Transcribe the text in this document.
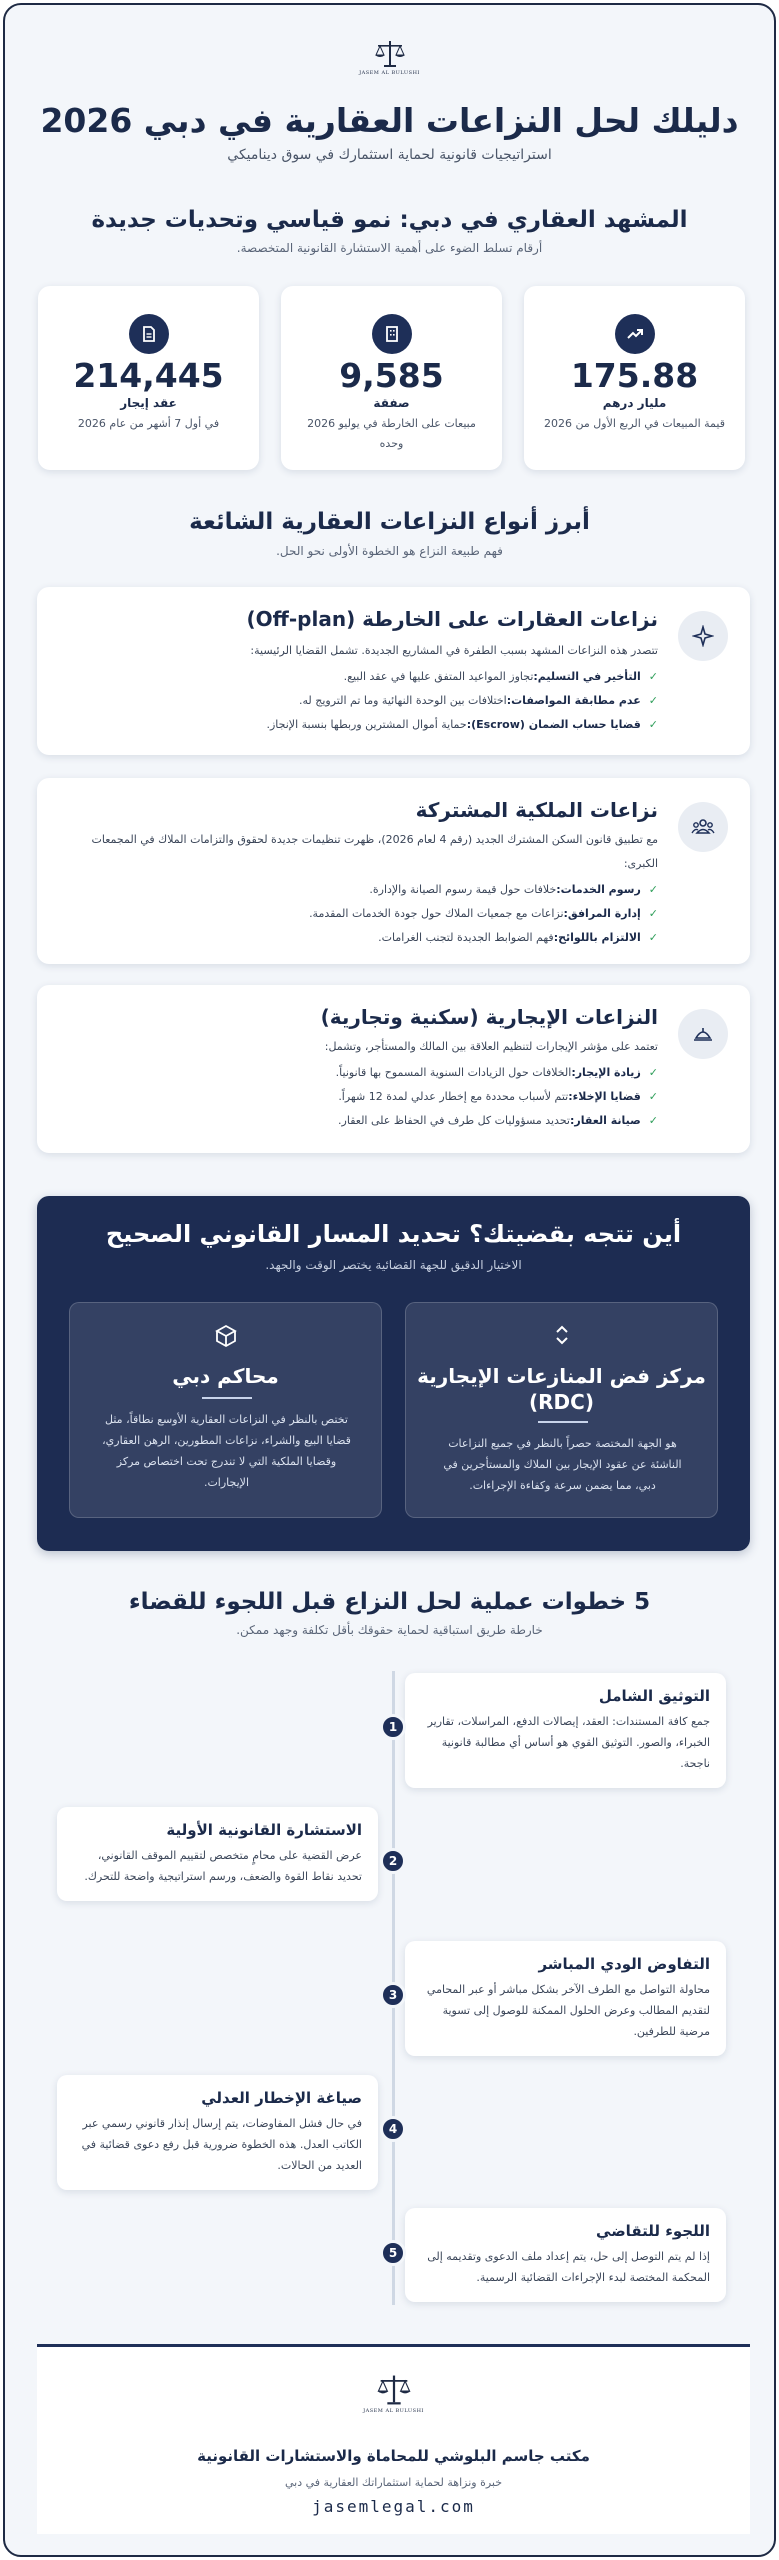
JASEM AL BULUSHI
دليلك لحل النزاعات العقارية في دبي 2026
استراتيجيات قانونية لحماية استثمارك في سوق ديناميكي
المشهد العقاري في دبي: نمو قياسي وتحديات جديدة
أرقام تسلط الضوء على أهمية الاستشارة القانونية المتخصصة.
175.88
مليار درهم
قيمة المبيعات في الربع الأول من 2026
9,585
صفقة
مبيعات على الخارطة في يوليو 2026 وحده
214,445
عقد إيجار
في أول 7 أشهر من عام 2026
أبرز أنواع النزاعات العقارية الشائعة
فهم طبيعة النزاع هو الخطوة الأولى نحو الحل.
نزاعات العقارات على الخارطة (Off-plan)
تتصدر هذه النزاعات المشهد بسبب الطفرة في المشاريع الجديدة. تشمل القضايا الرئيسية:
✓التأخير في التسليم:تجاوز المواعيد المتفق عليها في عقد البيع.
✓عدم مطابقة المواصفات:اختلافات بين الوحدة النهائية وما تم الترويج له.
✓قضايا حساب الضمان (Escrow):حماية أموال المشترين وربطها بنسبة الإنجاز.
نزاعات الملكية المشتركة
مع تطبيق قانون السكن المشترك الجديد (رقم 4 لعام 2026)، ظهرت تنظيمات جديدة لحقوق والتزامات الملاك في المجمعات الكبرى:
✓رسوم الخدمات:خلافات حول قيمة رسوم الصيانة والإدارة.
✓إدارة المرافق:نزاعات مع جمعيات الملاك حول جودة الخدمات المقدمة.
✓الالتزام باللوائح:فهم الضوابط الجديدة لتجنب الغرامات.
النزاعات الإيجارية (سكنية وتجارية)
تعتمد على مؤشر الإيجارات لتنظيم العلاقة بين المالك والمستأجر، وتشمل:
✓زيادة الإيجار:الخلافات حول الزيادات السنوية المسموح بها قانونياً.
✓قضايا الإخلاء:تتم لأسباب محددة مع إخطار عدلي لمدة 12 شهراً.
✓صيانة العقار:تحديد مسؤوليات كل طرف في الحفاظ على العقار.
أين تتجه بقضيتك؟ تحديد المسار القانوني الصحيح
الاختيار الدقيق للجهة القضائية يختصر الوقت والجهد.
مركز فض المنازعات الإيجارية (RDC)
هو الجهة المختصة حصراً بالنظر في جميع النزاعات الناشئة عن عقود الإيجار بين الملاك والمستأجرين في دبي، مما يضمن سرعة وكفاءة الإجراءات.
محاكم دبي
تختص بالنظر في النزاعات العقارية الأوسع نطاقاً، مثل قضايا البيع والشراء، نزاعات المطورين، الرهن العقاري، وقضايا الملكية التي لا تندرج تحت اختصاص مركز الإيجارات.
5 خطوات عملية لحل النزاع قبل اللجوء للقضاء
خارطة طريق استباقية لحماية حقوقك بأقل تكلفة وجهد ممكن.
التوثيق الشامل
جمع كافة المستندات: العقد، إيصالات الدفع، المراسلات، تقارير الخبراء، والصور. التوثيق القوي هو أساس أي مطالبة قانونية ناجحة.
1
الاستشارة القانونية الأولية
عرض القضية على محامٍ متخصص لتقييم الموقف القانوني، تحديد نقاط القوة والضعف، ورسم استراتيجية واضحة للتحرك.
2
التفاوض الودي المباشر
محاولة التواصل مع الطرف الآخر بشكل مباشر أو عبر المحامي لتقديم المطالب وعرض الحلول الممكنة للوصول إلى تسوية مرضية للطرفين.
3
صياغة الإخطار العدلي
في حال فشل المفاوضات، يتم إرسال إنذار قانوني رسمي عبر الكاتب العدل. هذه الخطوة ضرورية قبل رفع دعوى قضائية في العديد من الحالات.
4
اللجوء للتقاضي
إذا لم يتم التوصل إلى حل، يتم إعداد ملف الدعوى وتقديمه إلى المحكمة المختصة لبدء الإجراءات القضائية الرسمية.
5
JASEM AL BULUSHI
مكتب جاسم البلوشي للمحاماة والاستشارات القانونية
خبرة ونزاهة لحماية استثماراتك العقارية في دبي
jasemlegal.com
